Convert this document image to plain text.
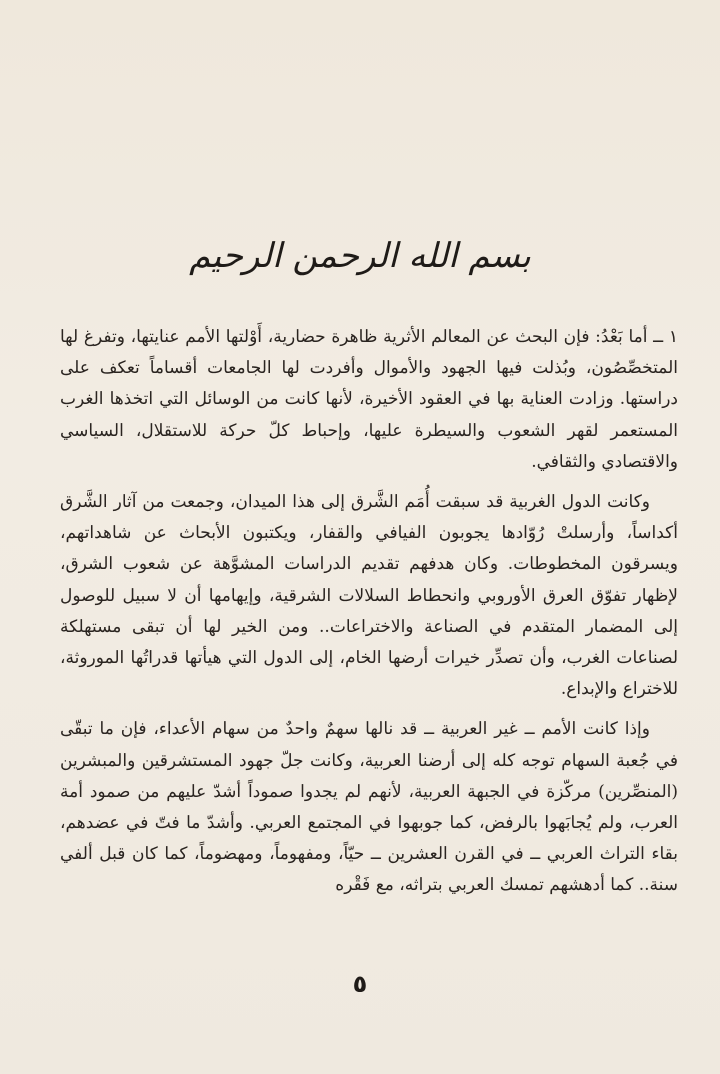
بسم الله الرحمن الرحيم

١ ــ أما بَعْدُ: فإن البحث عن المعالم الأثرية ظاهرة حضارية، أَوْلتها الأمم عنايتها، وتفرغ لها المتخصِّصُون، وبُذلت فيها الجهود والأموال وأفردت لها الجامعات أقساماً تعكف على دراستها. وزادت العناية بها في العقود الأخيرة، لأنها كانت من الوسائل التي اتخذها الغرب المستعمر لقهر الشعوب والسيطرة عليها، وإحباط كلّ حركة للاستقلال، السياسي والاقتصادي والثقافي.

وكانت الدول الغربية قد سبقت أُمَم الشَّرق إلى هذا الميدان، وجمعت من آثار الشَّرق أكداساً، وأرسلتْ رُوّادها يجوبون الفيافي والقفار، ويكتبون الأبحاث عن شاهداتهم، ويسرقون المخطوطات. وكان هدفهم تقديم الدراسات المشوَّهة عن شعوب الشرق، لإظهار تفوّق العرق الأوروبي وانحطاط السلالات الشرقية، وإيهامها أن لا سبيل للوصول إلى المضمار المتقدم في الصناعة والاختراعات.. ومن الخير لها أن تبقى مستهلكة لصناعات الغرب، وأن تصدِّر خيرات أرضها الخام، إلى الدول التي هيأتها قدراتُها الموروثة، للاختراع والإبداع.

وإذا كانت الأمم ــ غير العربية ــ قد نالها سهمٌ واحدٌ من سهام الأعداء، فإن ما تبقّى في جُعبة السهام توجه كله إلى أرضنا العربية، وكانت جلّ جهود المستشرقين والمبشرين (المنصِّرين) مركّزة في الجبهة العربية، لأنهم لم يجدوا صموداً أشدّ عليهم من صمود أمة العرب، ولم يُجابَهوا بالرفض، كما جوبهوا في المجتمع العربي. وأشدّ ما فتّ في عضدهم، بقاء التراث العربي ــ في القرن العشرين ــ حيّاً، ومفهوماً، ومهضوماً، كما كان قبل ألفي سنة.. كما أدهشهم تمسك العربي بتراثه، مع فَقْره

٥
